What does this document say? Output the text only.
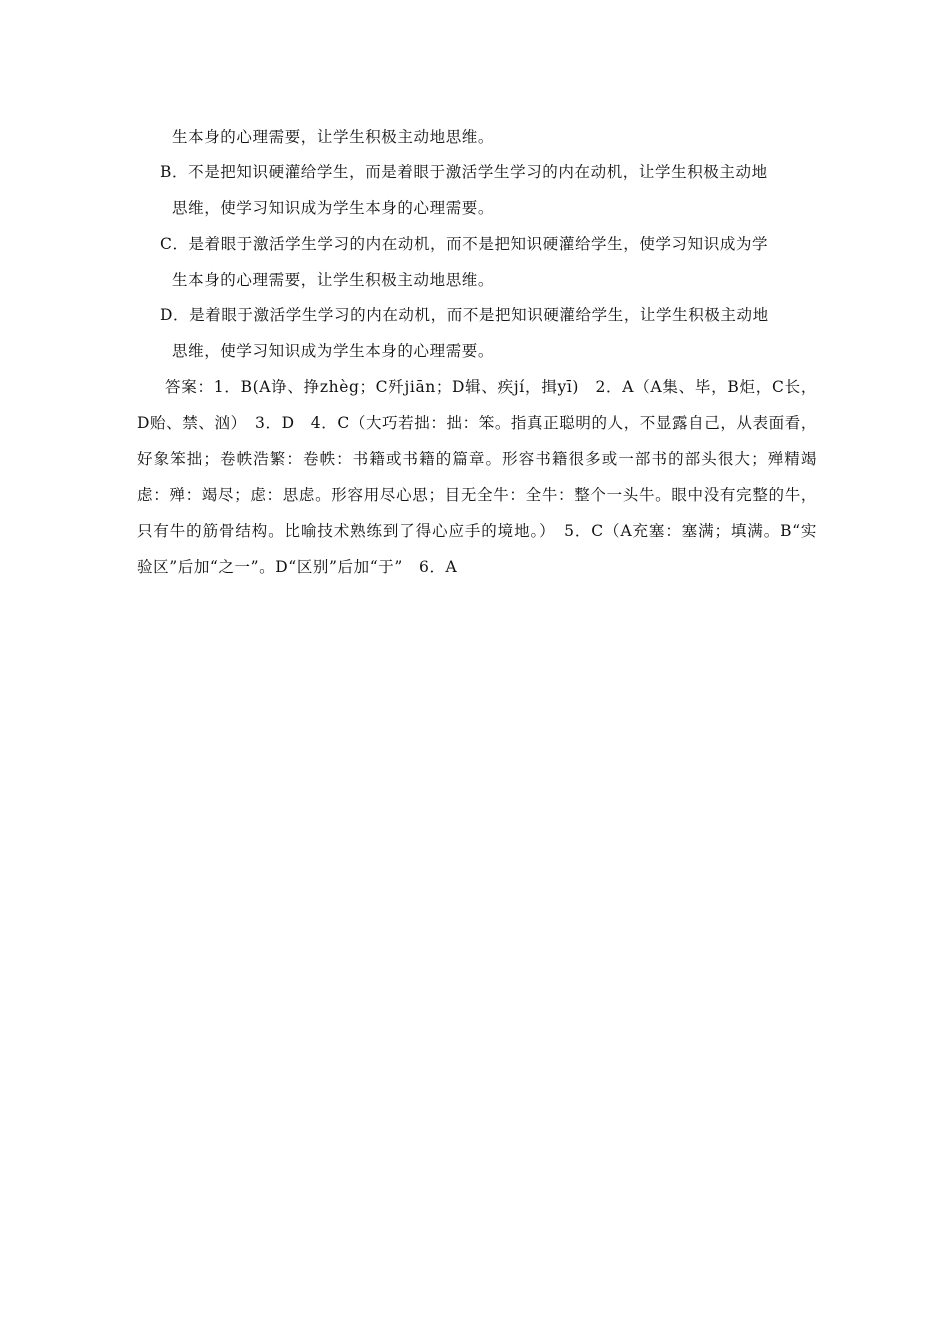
生本身的心理需要，让学生积极主动地思维。
B．不是把知识硬灌给学生，而是着眼于激活学生学习的内在动机，让学生积极主动地
思维，使学习知识成为学生本身的心理需要。
C．是着眼于激活学生学习的内在动机，而不是把知识硬灌给学生，使学习知识成为学
生本身的心理需要，让学生积极主动地思维。
D．是着眼于激活学生学习的内在动机，而不是把知识硬灌给学生，让学生积极主动地
思维，使学习知识成为学生本身的心理需要。
答案：1．B(A诤、挣zhèg；C歼jiān；D辑、疾jí，揖yī)　2．A（A集、毕，B炬，C长，D贻、禁、汹）　3．D　4．C（大巧若拙：拙：笨。指真正聪明的人，不显露自己，从表面看，好象笨拙；卷帙浩繁：卷帙：书籍或书籍的篇章。形容书籍很多或一部书的部头很大；殚精竭虑：殚：竭尽；虑：思虑。形容用尽心思；目无全牛：全牛：整个一头牛。眼中没有完整的牛，只有牛的筋骨结构。比喻技术熟练到了得心应手的境地。）　5．C（A充塞：塞满；填满。B“实验区”后加“之一”。D“区别”后加“于”　6．A
